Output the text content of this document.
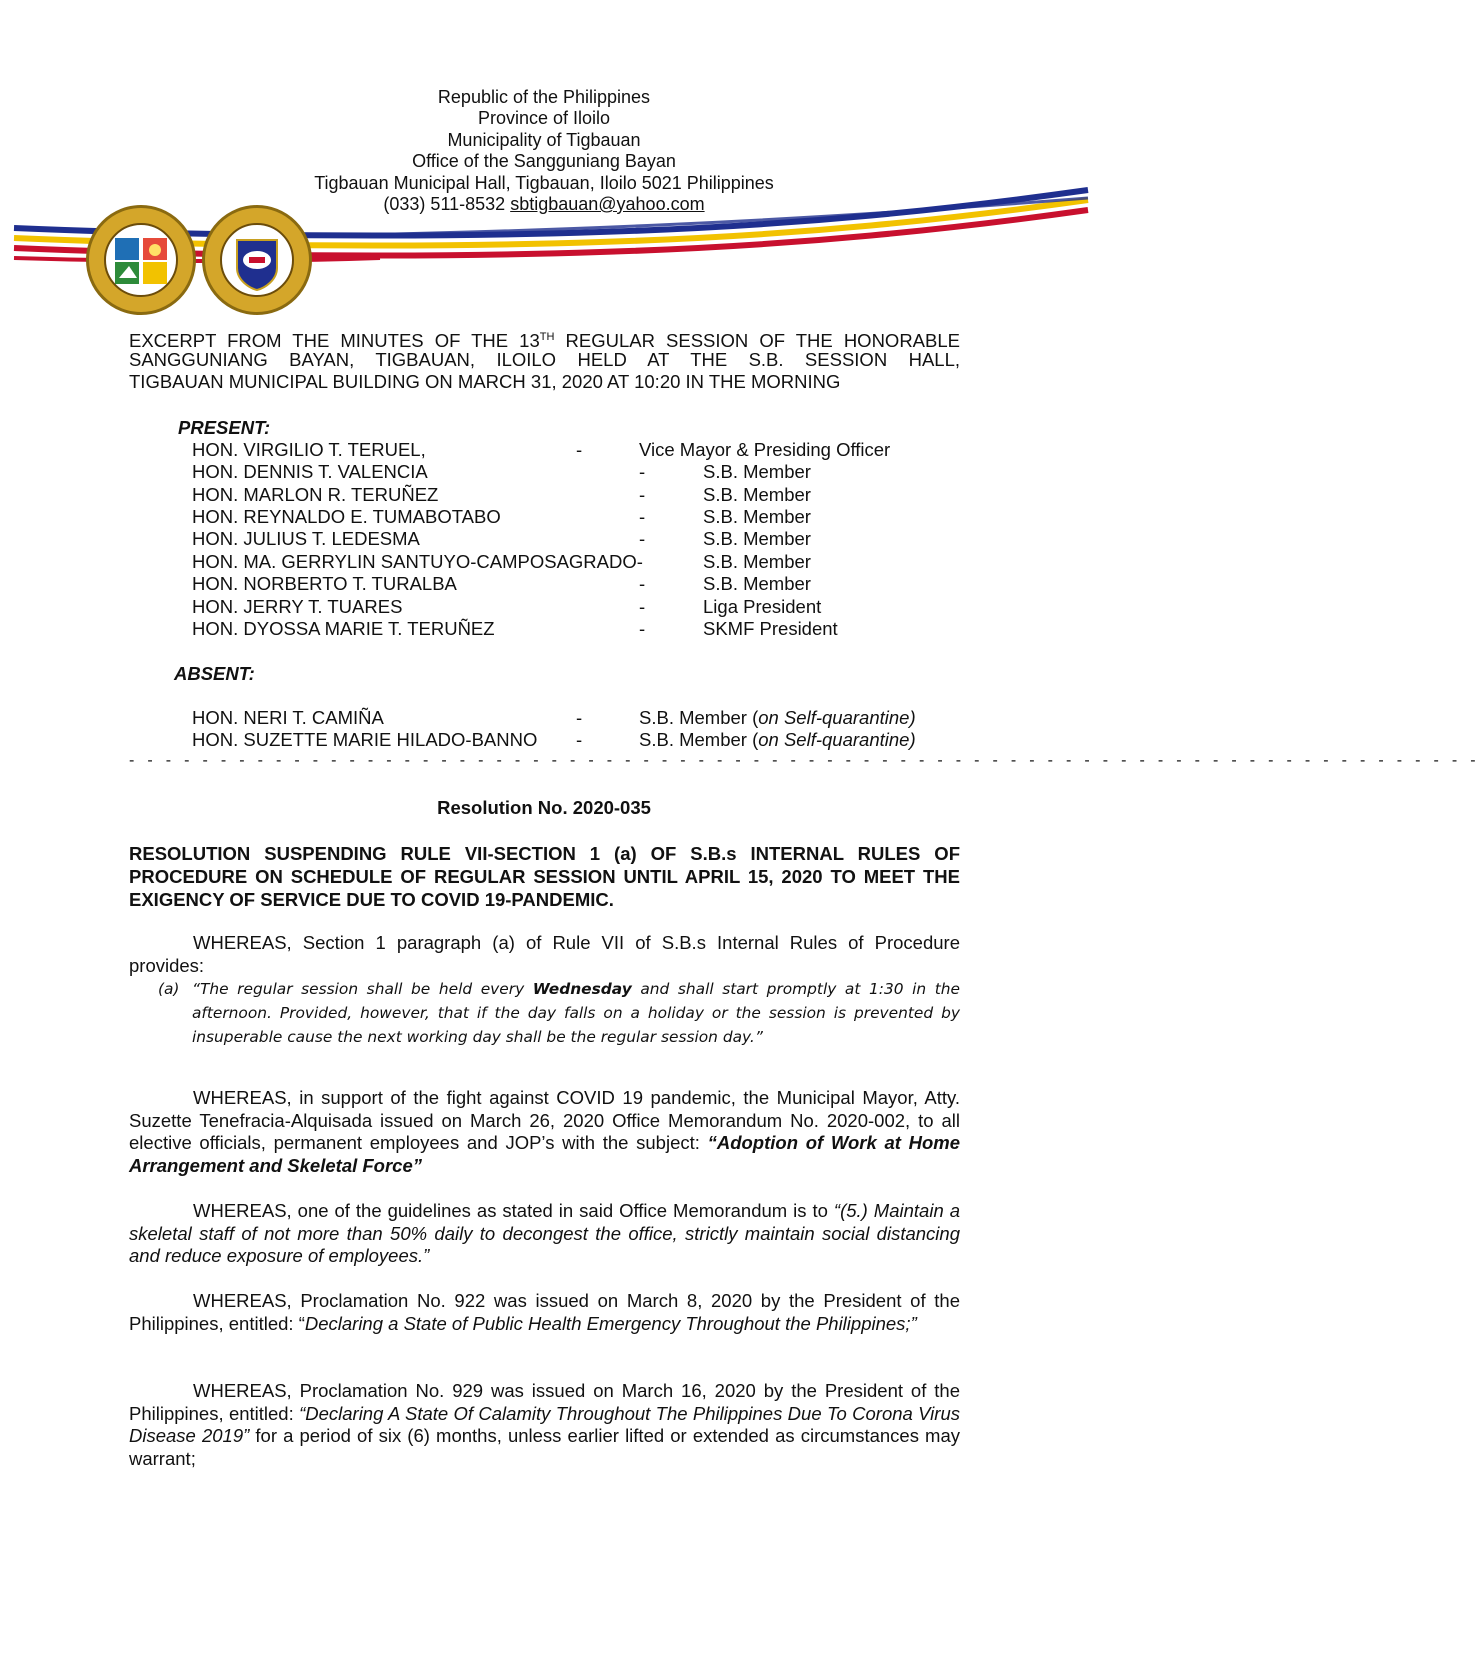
Republic of the Philippines
Province of Iloilo
Municipality of Tigbauan
Office of the Sangguniang Bayan
Tigbauan Municipal Hall, Tigbauan, Iloilo 5021 Philippines
(033) 511-8532 sbtigbauan@yahoo.com
EXCERPT FROM THE MINUTES OF THE 13TH REGULAR SESSION OF THE HONORABLE
SANGGUNIANG BAYAN, TIGBAUAN, ILOILO HELD AT THE S.B. SESSION HALL,
TIGBAUAN MUNICIPAL BUILDING ON MARCH 31, 2020 AT 10:20 IN THE MORNING
PRESENT:
HON. VIRGILIO T. TERUEL,	-	Vice Mayor & Presiding Officer
HON. DENNIS T. VALENCIA	-	S.B. Member
HON. MARLON R. TERUÑEZ	-	S.B. Member
HON. REYNALDO E. TUMABOTABO	-	S.B. Member
HON. JULIUS T. LEDESMA	-	S.B. Member
HON. MA. GERRYLIN SANTUYO-CAMPOSAGRADO-	S.B. Member
HON. NORBERTO T. TURALBA	-	S.B. Member
HON. JERRY T. TUARES	-	Liga President
HON. DYOSSA MARIE T. TERUÑEZ	-	SKMF President
ABSENT:
HON. NERI T. CAMIÑA	-	S.B. Member (on Self-quarantine)
HON. SUZETTE MARIE HILADO-BANNO -	S.B. Member (on Self-quarantine)
- - - - - - - - - - - - - - - - - - - - - - - - - - - - - - - - - - - - - - - - - - - - - - - - - - - - - - - - - - - - - - - - - - - - - - - - - -
Resolution No. 2020-035
RESOLUTION SUSPENDING RULE VII-SECTION 1 (a) OF S.B.s INTERNAL RULES OF PROCEDURE ON SCHEDULE OF REGULAR SESSION UNTIL APRIL 15, 2020 TO MEET THE EXIGENCY OF SERVICE DUE TO COVID 19-PANDEMIC.
WHEREAS, Section 1 paragraph (a) of Rule VII of S.B.s Internal Rules of Procedure provides:
(a) “The regular session shall be held every Wednesday and shall start promptly at 1:30 in the afternoon. Provided, however, that if the day falls on a holiday or the session is prevented by insuperable cause the next working day shall be the regular session day.”
WHEREAS, in support of the fight against COVID 19 pandemic, the Municipal Mayor, Atty. Suzette Tenefracia-Alquisada issued on March 26, 2020 Office Memorandum No. 2020-002, to all elective officials, permanent employees and JOP’s with the subject: “Adoption of Work at Home Arrangement and Skeletal Force”
WHEREAS, one of the guidelines as stated in said Office Memorandum is to “(5.) Maintain a skeletal staff of not more than 50% daily to decongest the office, strictly maintain social distancing and reduce exposure of employees.”
WHEREAS, Proclamation No. 922 was issued on March 8, 2020 by the President of the Philippines, entitled: “Declaring a State of Public Health Emergency Throughout the Philippines;”
WHEREAS, Proclamation No. 929 was issued on March 16, 2020 by the President of the Philippines, entitled: “Declaring A State Of Calamity Throughout The Philippines Due To Corona Virus Disease 2019” for a period of six (6) months, unless earlier lifted or extended as circumstances may warrant;
